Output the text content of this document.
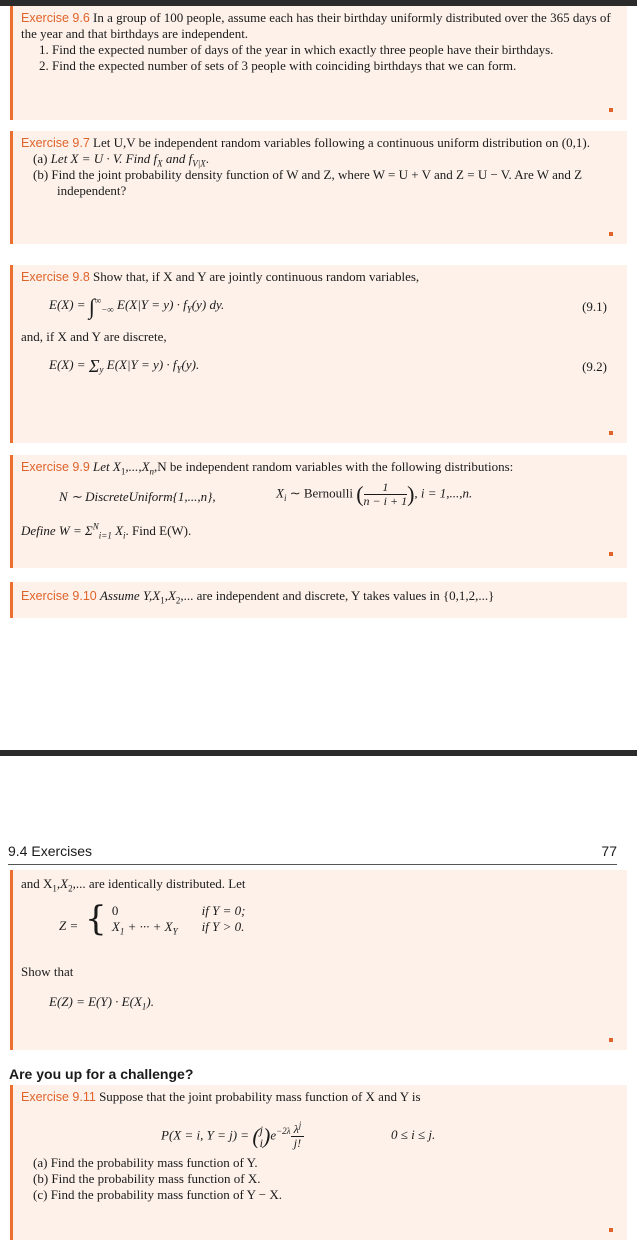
Exercise 9.6 In a group of 100 people, assume each has their birthday uniformly distributed over the 365 days of the year and that birthdays are independent.
1. Find the expected number of days of the year in which exactly three people have their birthdays.
2. Find the expected number of sets of 3 people with coinciding birthdays that we can form.
Exercise 9.7 Let U,V be independent random variables following a continuous uniform distribution on (0,1).
(a) Let X = U · V. Find $f_X$ and $f_{V|X}$.
(b) Find the joint probability density function of W and Z, where W = U + V and Z = U − V. Are W and Z independent?
Exercise 9.8 Show that, if X and Y are jointly continuous random variables,
$E(X) = \int^\infty_{-\infty}$ $E(X|Y = y) \cdot f_Y(y)$ dy.	(9.1)
and, if X and Y are discrete,
$E(X) = \Sigma_y$ $E(X|Y = y) \cdot f_Y(y)$.	(9.2)
Exercise 9.9 Let $X_1,...,X_n,N$ be independent random variables with the following distributions:
N ∼ DiscreteUniform{1,...,n},	$X_i$ ∼ Bernoulli ( $\frac{1}{n - i + 1}$ ), i = 1,...,n.
Define $W = \Sigma^N_{i=1}$ $X_i$. Find E(W).
Exercise 9.10 Assume $Y,X_1,X_2$,... are independent and discrete, Y takes values in {0,1,2,...}
9.4 Exercises	77
and $X_1,X_2$,... are identically distributed. Let
Z = { 0	if Y = 0;
$X_1$ + ··· + $X_Y$	if Y > 0.
Show that
$E(Z) = E(Y) \cdot E(X_1)$.
Are you up for a challenge?
Exercise 9.11 Suppose that the joint probability mass function of X and Y is
P(X = i, Y = j) = ( j
i )$e^{-2\lambda} \frac{\lambda^j}{j!}$	0 ≤ i ≤ j.
(a) Find the probability mass function of Y.
(b) Find the probability mass function of X.
(c) Find the probability mass function of Y − X.
